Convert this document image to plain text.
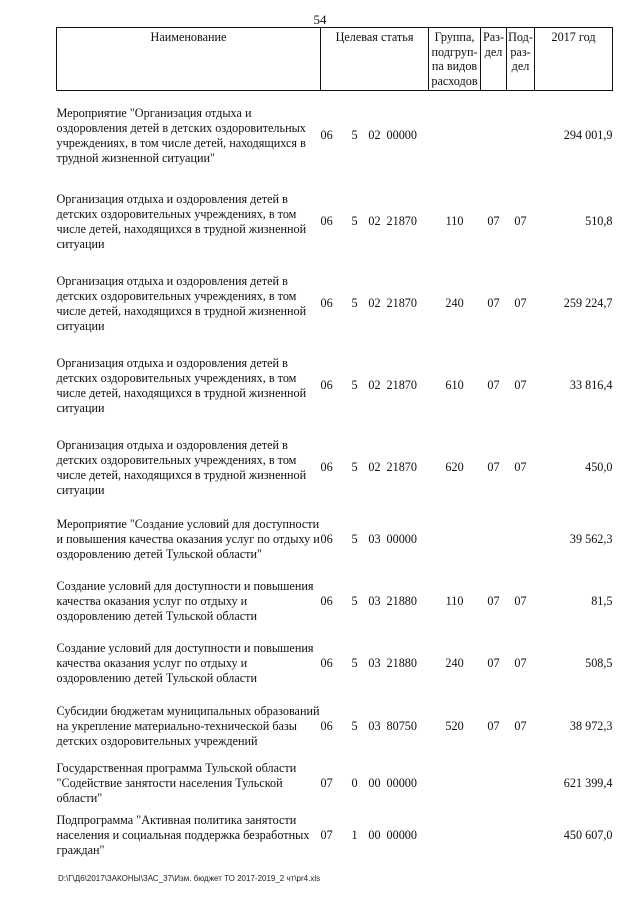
54
Наименование	Целевая статья				Группа,
подгруп-
па видов
расходов	Раз-
дел	Под-
раз-
дел	2017 год
Мероприятие "Организация отдыха и оздоровления детей в детских оздоровительных учреждениях, в том числе детей, находящихся в трудной жизненной ситуации"	06	5	02	00000				294 001,9
Организация отдыха и оздоровления детей в детских оздоровительных учреждениях, в том числе детей, находящихся в трудной жизненной ситуации	06	5	02	21870	110	07	07	510,8
Организация отдыха и оздоровления детей в детских оздоровительных учреждениях, в том числе детей, находящихся в трудной жизненной ситуации	06	5	02	21870	240	07	07	259 224,7
Организация отдыха и оздоровления детей в детских оздоровительных учреждениях, в том числе детей, находящихся в трудной жизненной ситуации	06	5	02	21870	610	07	07	33 816,4
Организация отдыха и оздоровления детей в детских оздоровительных учреждениях, в том числе детей, находящихся в трудной жизненной ситуации	06	5	02	21870	620	07	07	450,0
Мероприятие "Создание условий для доступности и повышения качества оказания услуг по отдыху и оздоровлению детей Тульской области"	06	5	03	00000				39 562,3
Создание условий для доступности и повышения качества оказания услуг по отдыху и оздоровлению детей Тульской области	06	5	03	21880	110	07	07	81,5
Создание условий для доступности и повышения качества оказания услуг по отдыху и оздоровлению детей Тульской области	06	5	03	21880	240	07	07	508,5
Субсидии бюджетам муниципальных образований на укрепление материально-технической базы детских оздоровительных учреждений	06	5	03	80750	520	07	07	38 972,3
Государственная программа Тульской области "Содействие занятости населения Тульской области"	07	0	00	00000				621 399,4
Подпрограмма "Активная политика занятости населения и социальная поддержка безработных граждан"	07	1	00	00000				450 607,0
D:\Г\Д6\2017\ЗАКОНЫ\ЗАС_37\Изм. бюджет ТО 2017-2019_2 чт\pr4.xls
